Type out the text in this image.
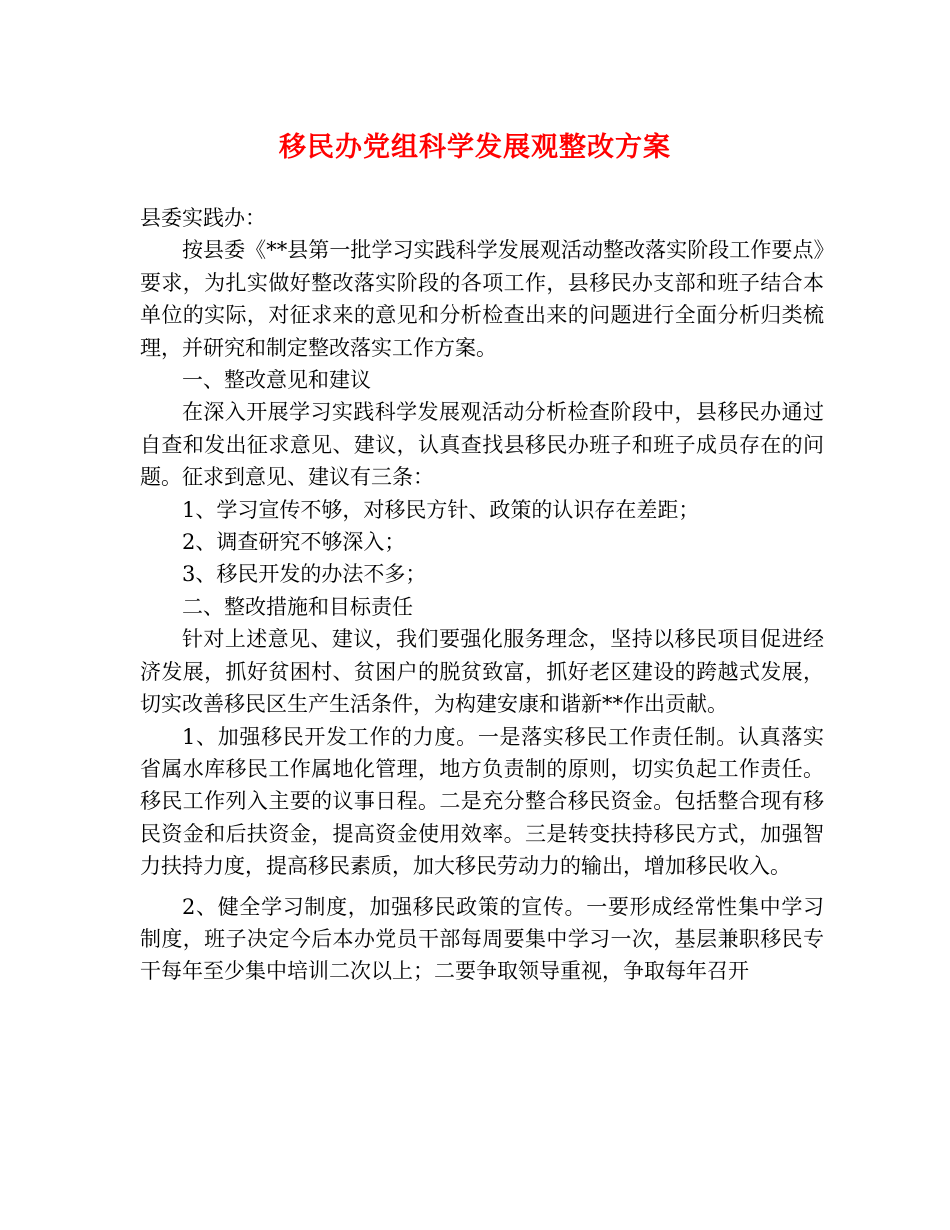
移民办党组科学发展观整改方案

县委实践办：

按县委《**县第一批学习实践科学发展观活动整改落实阶段工作要点》要求，为扎实做好整改落实阶段的各项工作，县移民办支部和班子结合本单位的实际，对征求来的意见和分析检查出来的问题进行全面分析归类梳理，并研究和制定整改落实工作方案。

一、整改意见和建议

在深入开展学习实践科学发展观活动分析检查阶段中，县移民办通过自查和发出征求意见、建议，认真查找县移民办班子和班子成员存在的问题。征求到意见、建议有三条：

1、学习宣传不够，对移民方针、政策的认识存在差距；

2、调查研究不够深入；

3、移民开发的办法不多；

二、整改措施和目标责任

针对上述意见、建议，我们要强化服务理念，坚持以移民项目促进经济发展，抓好贫困村、贫困户的脱贫致富，抓好老区建设的跨越式发展，切实改善移民区生产生活条件，为构建安康和谐新**作出贡献。

1、加强移民开发工作的力度。一是落实移民工作责任制。认真落实省属水库移民工作属地化管理，地方负责制的原则，切实负起工作责任。移民工作列入主要的议事日程。二是充分整合移民资金。包括整合现有移民资金和后扶资金，提高资金使用效率。三是转变扶持移民方式，加强智力扶持力度，提高移民素质，加大移民劳动力的输出，增加移民收入。

2、健全学习制度，加强移民政策的宣传。一要形成经常性集中学习制度，班子决定今后本办党员干部每周要集中学习一次，基层兼职移民专干每年至少集中培训二次以上；二要争取领导重视，争取每年召开
